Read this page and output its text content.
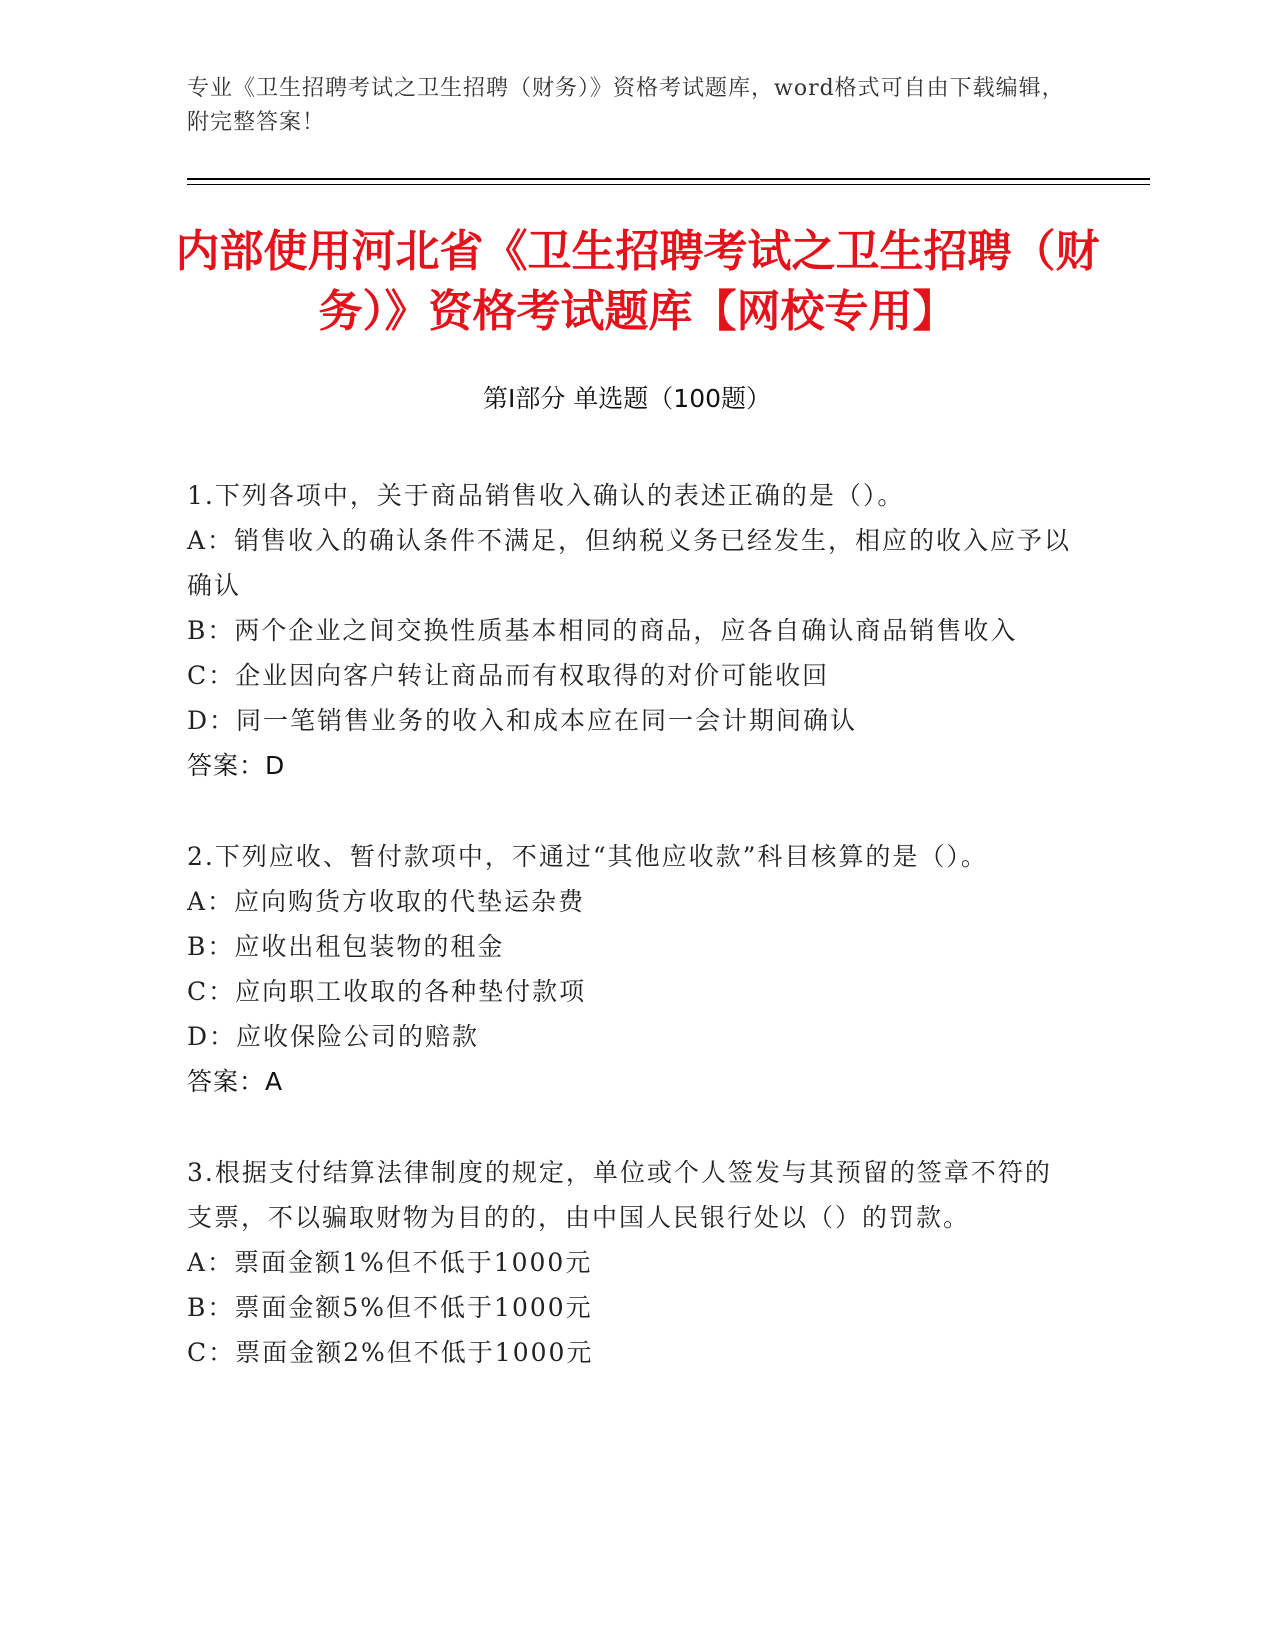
专业《卫生招聘考试之卫生招聘（财务）》资格考试题库，word格式可自由下载编辑，附完整答案！
内部使用河北省《卫生招聘考试之卫生招聘（财务）》资格考试题库【网校专用】
第I部分 单选题（100题）

1.下列各项中，关于商品销售收入确认的表述正确的是（）。

A：销售收入的确认条件不满足，但纳税义务已经发生，相应的收入应予以确认

B：两个企业之间交换性质基本相同的商品，应各自确认商品销售收入

C：企业因向客户转让商品而有权取得的对价可能收回

D：同一笔销售业务的收入和成本应在同一会计期间确认

答案：D

2.下列应收、暂付款项中，不通过“其他应收款”科目核算的是（）。

A：应向购货方收取的代垫运杂费

B：应收出租包装物的租金

C：应向职工收取的各种垫付款项

D：应收保险公司的赔款

答案：A

3.根据支付结算法律制度的规定，单位或个人签发与其预留的签章不符的支票，不以骗取财物为目的的，由中国人民银行处以（）的罚款。

A：票面金额1%但不低于1000元

B：票面金额5%但不低于1000元

C：票面金额2%但不低于1000元
